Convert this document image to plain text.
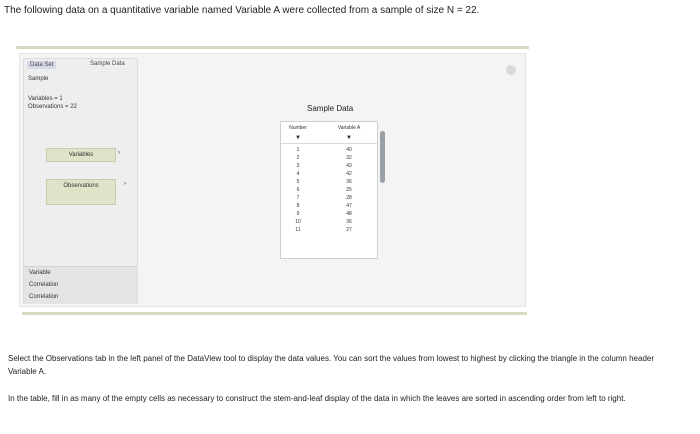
The following data on a quantitative variable named Variable A were collected from a sample of size N = 22.
Data Set	Sample Data
Sample
Variables = 1
Observations = 22
Variables	›
Observations	›
Variable
Correlation
Correlation
Sample Data
Number	Variable A
▼	▼
1	40
2	32
3	43
4	42
5	36
6	25
7	28
8	47
9	48
10	36
11	27
Select the Observations tab in the left panel of the DataView tool to display the data values. You can sort the values from lowest to highest by clicking the triangle in the column header Variable A.
In the table, fill in as many of the empty cells as necessary to construct the stem-and-leaf display of the data in which the leaves are sorted in ascending order from left to right.
